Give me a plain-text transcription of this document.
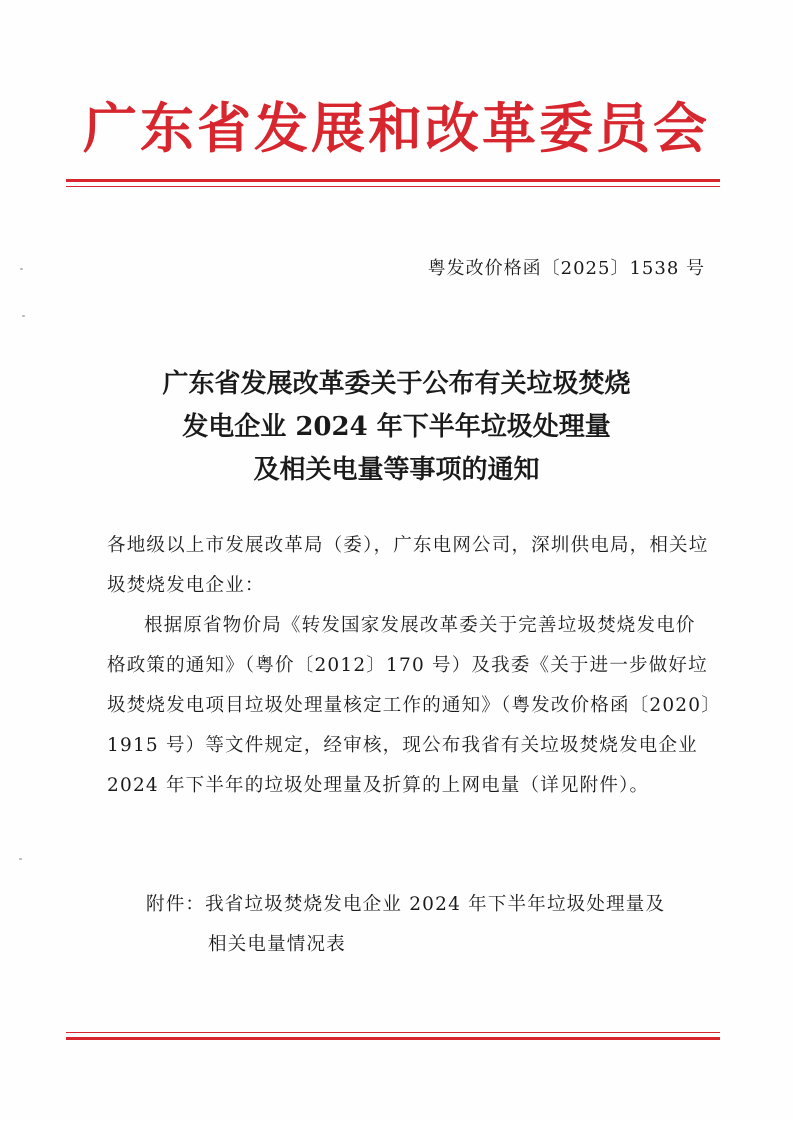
广东省发展和改革委员会
粤发改价格函〔2025〕1538 号
广东省发展改革委关于公布有关垃圾焚烧
发电企业 2024 年下半年垃圾处理量
及相关电量等事项的通知
各地级以上市发展改革局（委），广东电网公司，深圳供电局，相关垃圾焚烧发电企业：
根据原省物价局《转发国家发展改革委关于完善垃圾焚烧发电价格政策的通知》（粤价〔2012〕170 号）及我委《关于进一步做好垃圾焚烧发电项目垃圾处理量核定工作的通知》（粤发改价格函〔2020〕1915 号）等文件规定，经审核，现公布我省有关垃圾焚烧发电企业 2024 年下半年的垃圾处理量及折算的上网电量（详见附件）。
附件：我省垃圾焚烧发电企业 2024 年下半年垃圾处理量及
相关电量情况表
